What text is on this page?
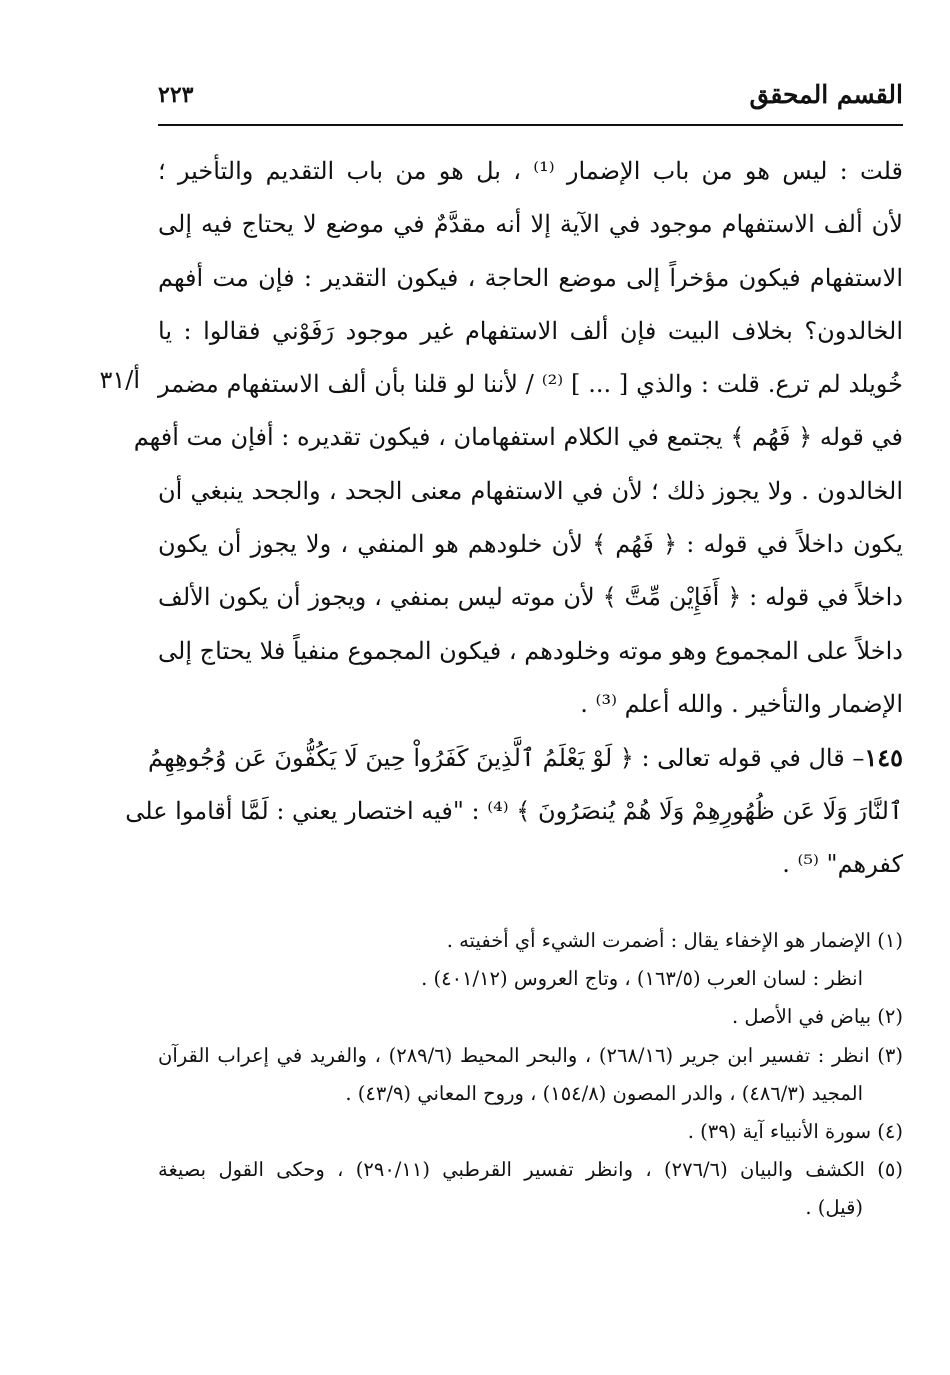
القسم المحقق
٢٢٣
أ/٣١
قلت : ليس هو من باب الإضمار ⁽¹⁾ ، بل هو من باب التقديم والتأخير ؛
لأن ألف الاستفهام موجود في الآية إلا أنه مقدَّمٌ في موضع لا يحتاج فيه إلى
الاستفهام فيكون مؤخراً إلى موضع الحاجة ، فيكون التقدير : فإن مت أفهم
الخالدون؟ بخلاف البيت فإن ألف الاستفهام غير موجود رَفَوْني فقالوا : يا
خُويلد لم ترع. قلت : والذي [ ... ] ⁽²⁾ / لأننا لو قلنا بأن ألف الاستفهام مضمر
في قوله ﴿ فَهُم ﴾ يجتمع في الكلام استفهامان ، فيكون تقديره : أفإن مت أفهم
الخالدون . ولا يجوز ذلك ؛ لأن في الاستفهام معنى الجحد ، والجحد ينبغي أن
يكون داخلاً في قوله : ﴿ فَهُم ﴾ لأن خلودهم هو المنفي ، ولا يجوز أن يكون
داخلاً في قوله : ﴿ أَفَإِيْن مِّتَّ ﴾ لأن موته ليس بمنفي ، ويجوز أن يكون الألف
داخلاً على المجموع وهو موته وخلودهم ، فيكون المجموع منفياً فلا يحتاج إلى
الإضمار والتأخير . والله أعلم ⁽³⁾ .
١٤٥– قال في قوله تعالى : ﴿ لَوْ يَعْلَمُ ٱلَّذِينَ كَفَرُواْ حِينَ لَا يَكُفُّونَ عَن وُجُوهِهِمُ
ٱلنَّارَ وَلَا عَن ظُهُورِهِمْ وَلَا هُمْ يُنصَرُونَ ﴾ ⁽⁴⁾ : "فيه اختصار يعني : لَمَّا أقاموا على
كفرهم" ⁽⁵⁾ .
(١) الإضمار هو الإخفاء يقال : أضمرت الشيء أي أخفيته .
انظر : لسان العرب (١٦٣/٥) ، وتاج العروس (٤٠١/١٢) .
(٢) بياض في الأصل .
(٣) انظر : تفسير ابن جرير (٢٦٨/١٦) ، والبحر المحيط (٢٨٩/٦) ، والفريد في إعراب القرآن
المجيد (٤٨٦/٣) ، والدر المصون (١٥٤/٨) ، وروح المعاني (٤٣/٩) .
(٤) سورة الأنبياء آية (٣٩) .
(٥) الكشف والبيان (٢٧٦/٦) ، وانظر تفسير القرطبي (٢٩٠/١١) ، وحكى القول بصيغة
(قيل) .
